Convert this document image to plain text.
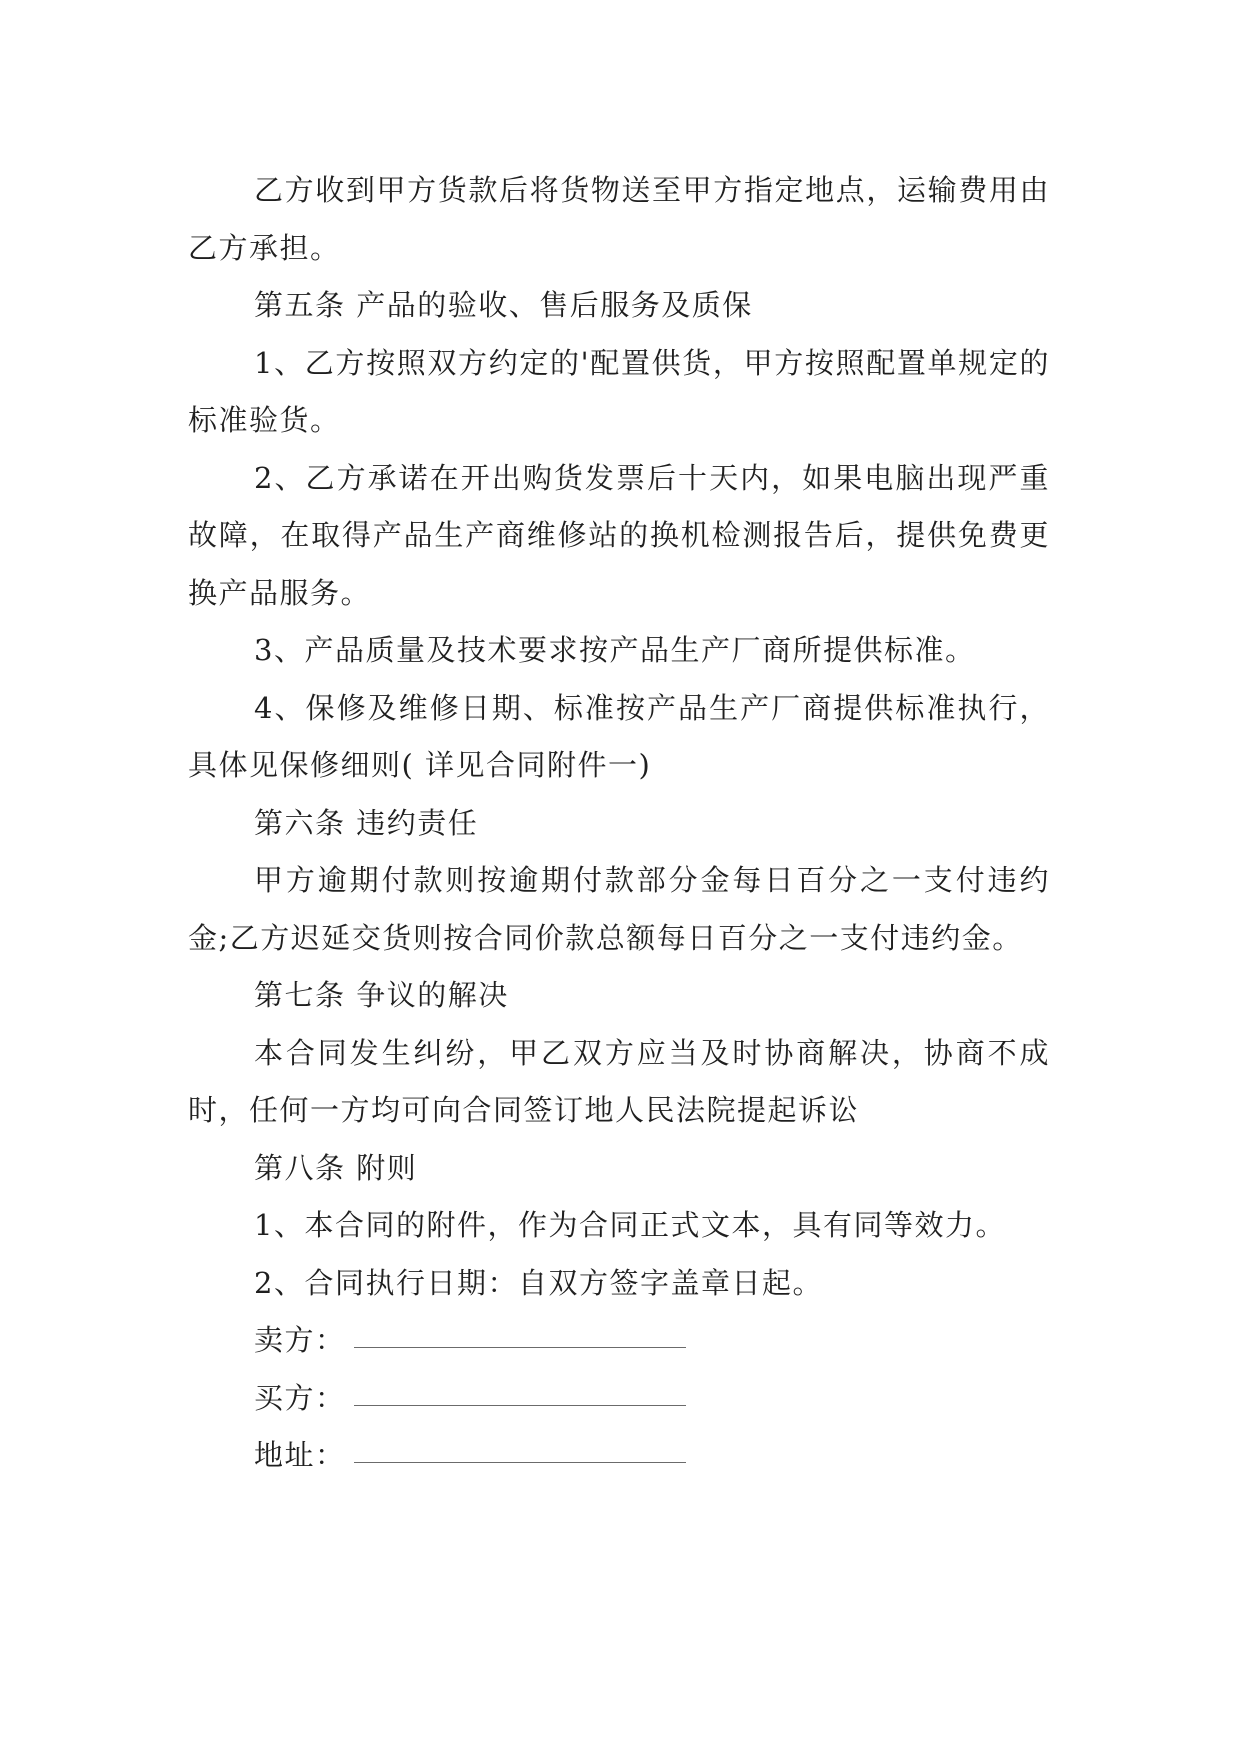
乙方收到甲方货款后将货物送至甲方指定地点，运输费用由乙方承担。

第五条 产品的验收、售后服务及质保

1、乙方按照双方约定的'配置供货，甲方按照配置单规定的标准验货。

2、乙方承诺在开出购货发票后十天内，如果电脑出现严重故障，在取得产品生产商维修站的换机检测报告后，提供免费更换产品服务。

3、产品质量及技术要求按产品生产厂商所提供标准。

4、保修及维修日期、标准按产品生产厂商提供标准执行，具体见保修细则( 详见合同附件一)

第六条 违约责任

甲方逾期付款则按逾期付款部分金每日百分之一支付违约金;乙方迟延交货则按合同价款总额每日百分之一支付违约金。

第七条 争议的解决

本合同发生纠纷，甲乙双方应当及时协商解决，协商不成时，任何一方均可向合同签订地人民法院提起诉讼

第八条 附则

1、本合同的附件，作为合同正式文本，具有同等效力。

2、合同执行日期：自双方签字盖章日起。

卖方：

买方：

地址：
